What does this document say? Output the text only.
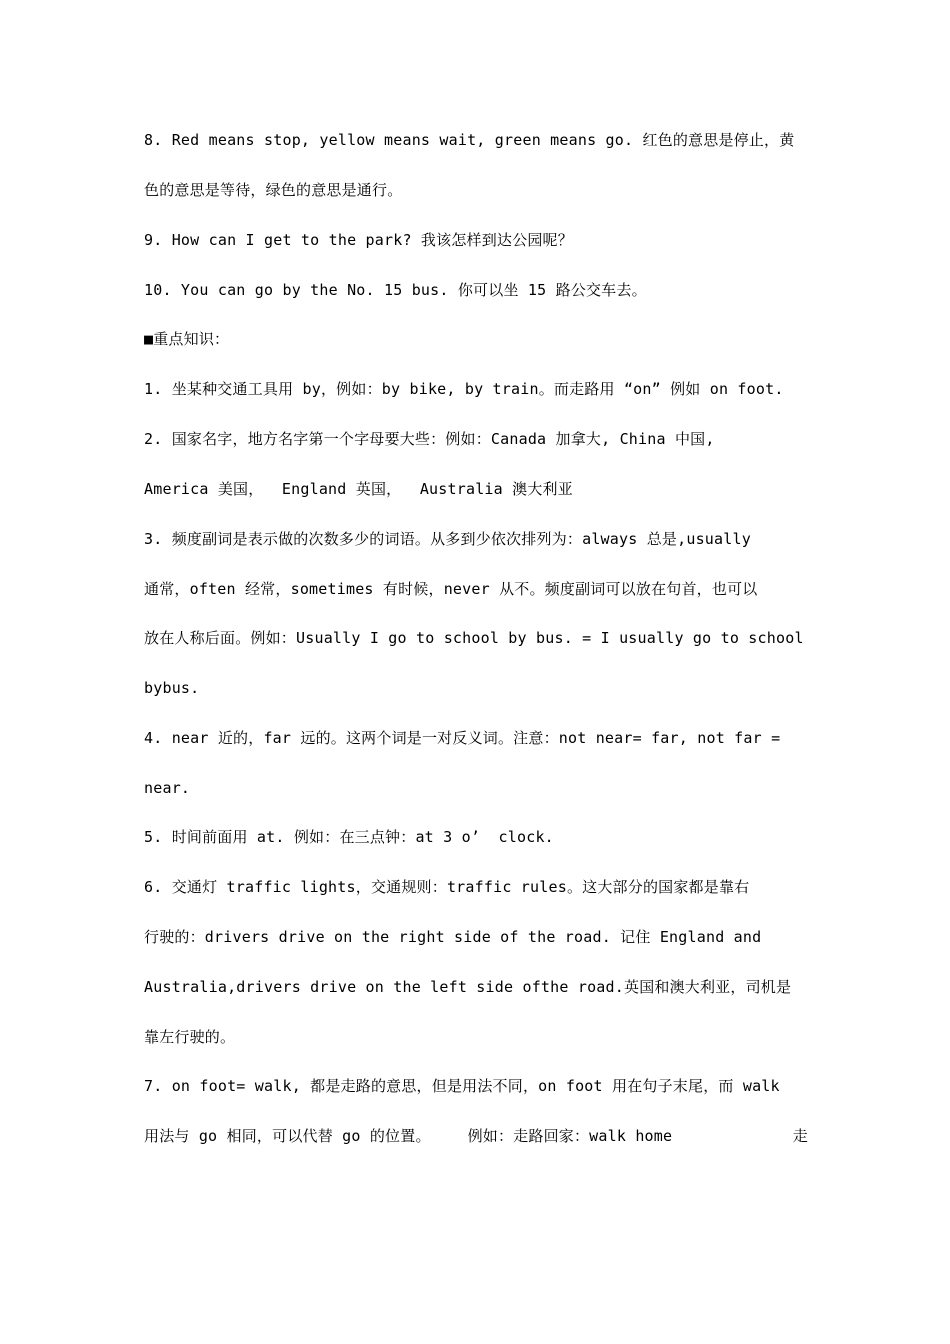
8. Red means stop, yellow means wait, green means go. 红色的意思是停止，黄
色的意思是等待，绿色的意思是通行。
9. How can I get to the park? 我该怎样到达公园呢？
10. You can go by the No. 15 bus. 你可以坐 15 路公交车去。
■重点知识：
1. 坐某种交通工具用 by，例如：by bike, by train。而走路用 “on” 例如 on foot.
2. 国家名字，地方名字第一个字母要大些：例如：Canada 加拿大, China 中国,
America 美国，  England 英国，  Australia 澳大利亚
3. 频度副词是表示做的次数多少的词语。从多到少依次排列为：always 总是,usually
通常，often 经常，sometimes 有时候，never 从不。频度副词可以放在句首，也可以
放在人称后面。例如：Usually I go to school by bus. = I usually go to school
bybus.
4. near 近的，far 远的。这两个词是一对反义词。注意：not near= far, not far =
near.
5. 时间前面用 at. 例如：在三点钟：at 3 o’  clock.
6. 交通灯 traffic lights，交通规则：traffic rules。这大部分的国家都是靠右
行驶的：drivers drive on the right side of the road. 记住 England and
Australia,drivers drive on the left side ofthe road.英国和澳大利亚，司机是
靠左行驶的。
7. on foot= walk, 都是走路的意思，但是用法不同，on foot 用在句子末尾，而 walk
用法与 go 相同，可以代替 go 的位置。    例如：走路回家：walk home	走
